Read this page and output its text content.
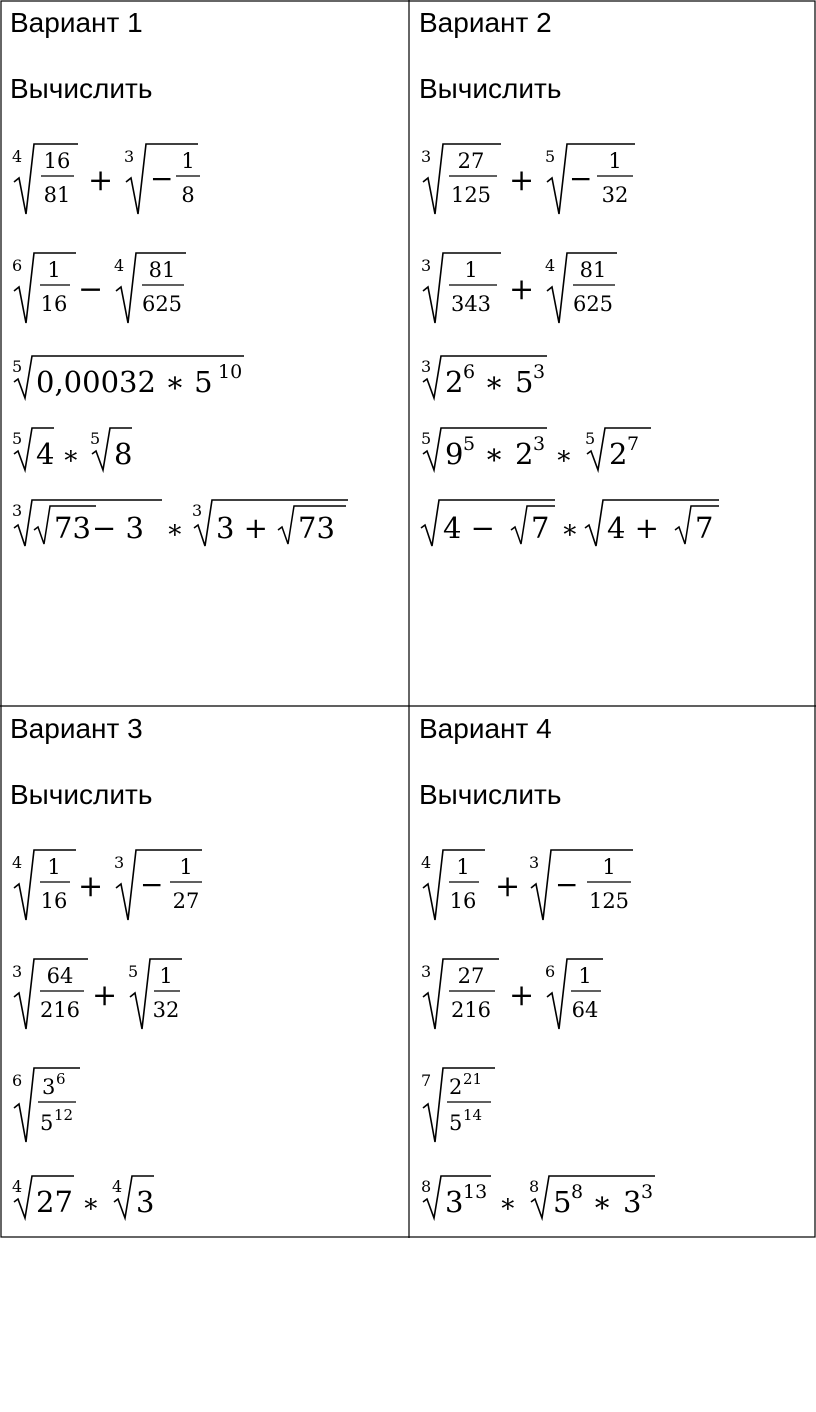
Вариант 1
Вычислить
4 16
81 +
3
−
1
8
6 1
16 −
4 81
625
5 0,00032 ∗ 5 10
5 4 ∗
5 8
3
73 − 3 ∗
3
3 + 73
Вариант 2
Вычислить
3 27
125 +
5
−
1
32
3 1
343 +
4 81
625
3 2 6 ∗ 5 3
5 9 5 ∗ 2 3 ∗
5 2 7
4 − 7 ∗ 4 + 7
Вариант 3
Вычислить
4 1
16 +
3
−
1
27
3 64
216 +
5 1
32
6 3 6
5 12
4 27 ∗
4 3
Вариант 4
Вычислить
4 1
16 +
3
−
1
125
3 27
216 +
6 1
64
7 2 21
5 14
8 3 13 ∗
8 5 8 ∗ 3 3
